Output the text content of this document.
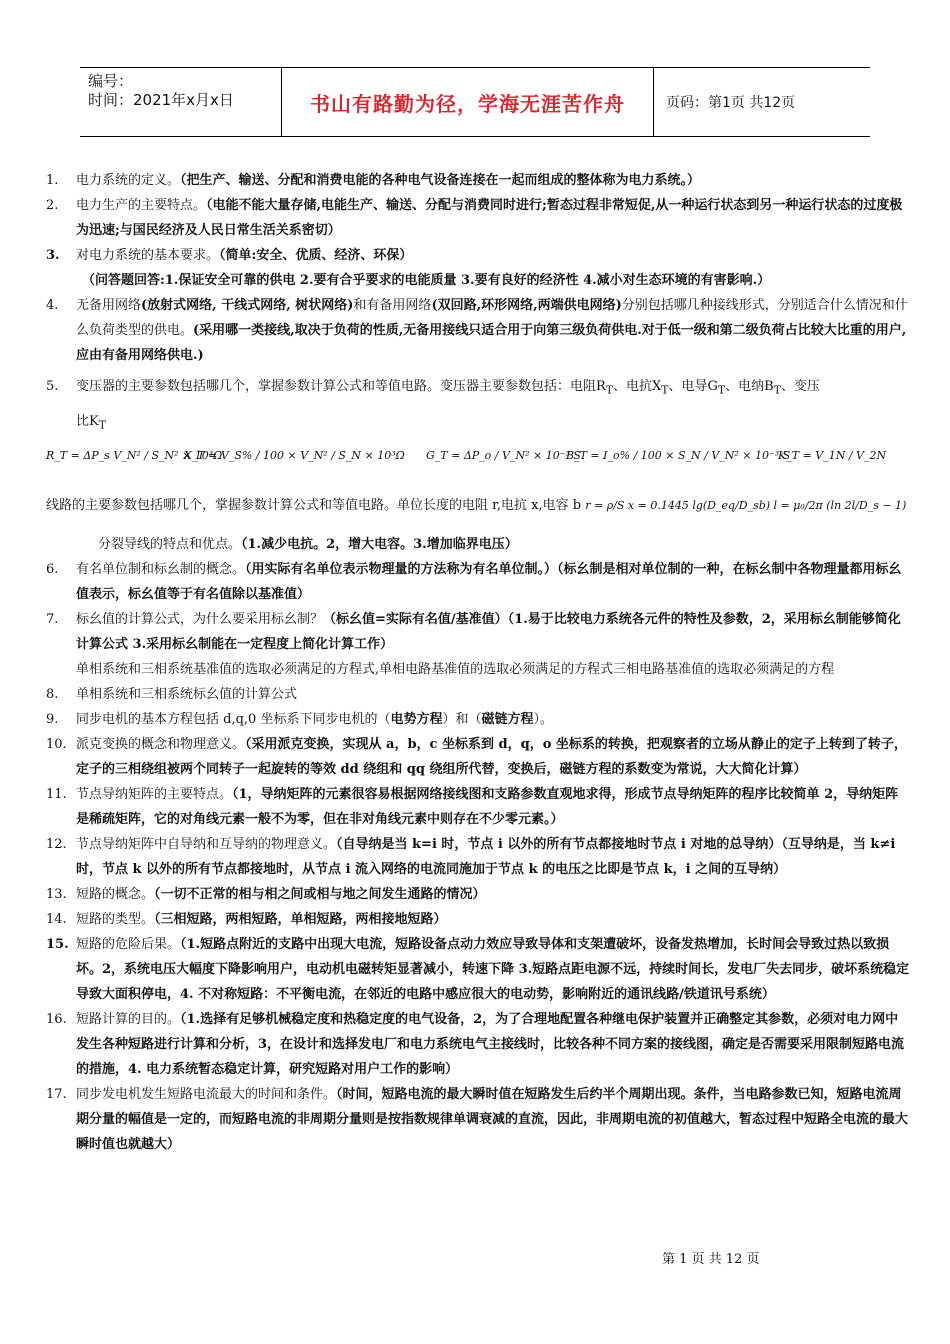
编号：
时间：2021年x月x日	书山有路勤为径，学海无涯苦作舟	页码：第1页 共12页
1.	电力系统的定义。（把生产、输送、分配和消费电能的各种电气设备连接在一起而组成的整体称为电力系统。）
2.	电力生产的主要特点。（电能不能大量存储,电能生产、输送、分配与消费同时进行;暂态过程非常短促,从一种运行状态到另一种运行状态的过度极为迅速;与国民经济及人民日常生活关系密切）
3.	对电力系统的基本要求。（简单:安全、优质、经济、环保）
（问答题回答:1.保证安全可靠的供电 2.要有合乎要求的电能质量 3.要有良好的经济性 4.减小对生态环境的有害影响.）
4.	无备用网络(放射式网络, 干线式网络, 树状网络)和有备用网络(双回路,环形网络,两端供电网络)分别包括哪几种接线形式，分别适合什么情况和什么负荷类型的供电。(采用哪一类接线,取决于负荷的性质,无备用接线只适合用于向第三级负荷供电.对于低一级和第二级负荷占比较大比重的用户,应由有备用网络供电.)
5.	变压器的主要参数包括哪几个，掌握参数计算公式和等值电路。变压器主要参数包括：电阻$R_T$、电抗$X_T$、电导$G_T$、电纳$B_T$、变压
比$K_T$
R_T = ΔP_s V_N² / S_N² × 10³Ω
X_T = V_S% / 100 × V_N² / S_N × 10³Ω G_T = ΔP_o / V_N² × 10⁻³ S
B_T = I_o% / 100 × S_N / V_N² × 10⁻³ S
K_T = V_1N / V_2N
线路的主要参数包括哪几个，掌握参数计算公式和等值电路。单位长度的电阻 r,电抗 x,电容 b r = ρ/S x = 0.1445 lg(D_eq/D_sb) l = μ₀/2π (ln 2l/D_s − 1)
分裂导线的特点和优点。（1.减少电抗。2，增大电容。3.增加临界电压）
6.	有名单位制和标幺制的概念。（用实际有名单位表示物理量的方法称为有名单位制。）（标幺制是相对单位制的一种，在标幺制中各物理量都用标幺值表示，标幺值等于有名值除以基准值）
7.	标幺值的计算公式，为什么要采用标幺制？（标幺值=实际有名值/基准值）（1.易于比较电力系统各元件的特性及参数，2，采用标幺制能够简化计算公式 3.采用标幺制能在一定程度上简化计算工作）
单相系统和三相系统基准值的选取必须满足的方程式,单相电路基准值的选取必须满足的方程式三相电路基准值的选取必须满足的方程
8.	单相系统和三相系统标幺值的计算公式
9.	同步电机的基本方程包括 d,q,0 坐标系下同步电机的（电势方程）和（磁链方程）。
10. 派克变换的概念和物理意义。（采用派克变换，实现从 a，b，c 坐标系到 d，q，o 坐标系的转换，把观察者的立场从静止的定子上转到了转子，定子的三相绕组被两个同转子一起旋转的等效 dd 绕组和 qq 绕组所代替，变换后，磁链方程的系数变为常说，大大简化计算）
11. 节点导纳矩阵的主要特点。（1，导纳矩阵的元素很容易根据网络接线图和支路参数直观地求得，形成节点导纳矩阵的程序比较简单 2，导纳矩阵是稀疏矩阵，它的对角线元素一般不为零，但在非对角线元素中则存在不少零元素。）
12. 节点导纳矩阵中自导纳和互导纳的物理意义。（自导纳是当 k=i 时，节点 i 以外的所有节点都接地时节点 i 对地的总导纳）（互导纳是，当 k≠i 时，节点 k 以外的所有节点都接地时，从节点 i 流入网络的电流同施加于节点 k 的电压之比即是节点 k，i 之间的互导纳）
13. 短路的概念。（一切不正常的相与相之间或相与地之间发生通路的情况）
14. 短路的类型。（三相短路，两相短路，单相短路，两相接地短路）
15. 短路的危险后果。（1.短路点附近的支路中出现大电流，短路设备点动力效应导致导体和支架遭破坏，设备发热增加，长时间会导致过热以致损坏。2，系统电压大幅度下降影响用户，电动机电磁转矩显著减小，转速下降 3.短路点距电源不远，持续时间长，发电厂失去同步，破坏系统稳定导致大面积停电，4. 不对称短路：不平衡电流，在邻近的电路中感应很大的电动势，影响附近的通讯线路/铁道讯号系统）
16. 短路计算的目的。（1.选择有足够机械稳定度和热稳定度的电气设备，2，为了合理地配置各种继电保护装置并正确整定其参数，必须对电力网中发生各种短路进行计算和分析，3，在设计和选择发电厂和电力系统电气主接线时，比较各种不同方案的接线图，确定是否需要采用限制短路电流的措施，4. 电力系统暂态稳定计算，研究短路对用户工作的影响）
17. 同步发电机发生短路电流最大的时间和条件。（时间，短路电流的最大瞬时值在短路发生后约半个周期出现。条件，当电路参数已知，短路电流周期分量的幅值是一定的，而短路电流的非周期分量则是按指数规律单调衰减的直流，因此，非周期电流的初值越大，暂态过程中短路全电流的最大瞬时值也就越大）
第 1 页 共 12 页
